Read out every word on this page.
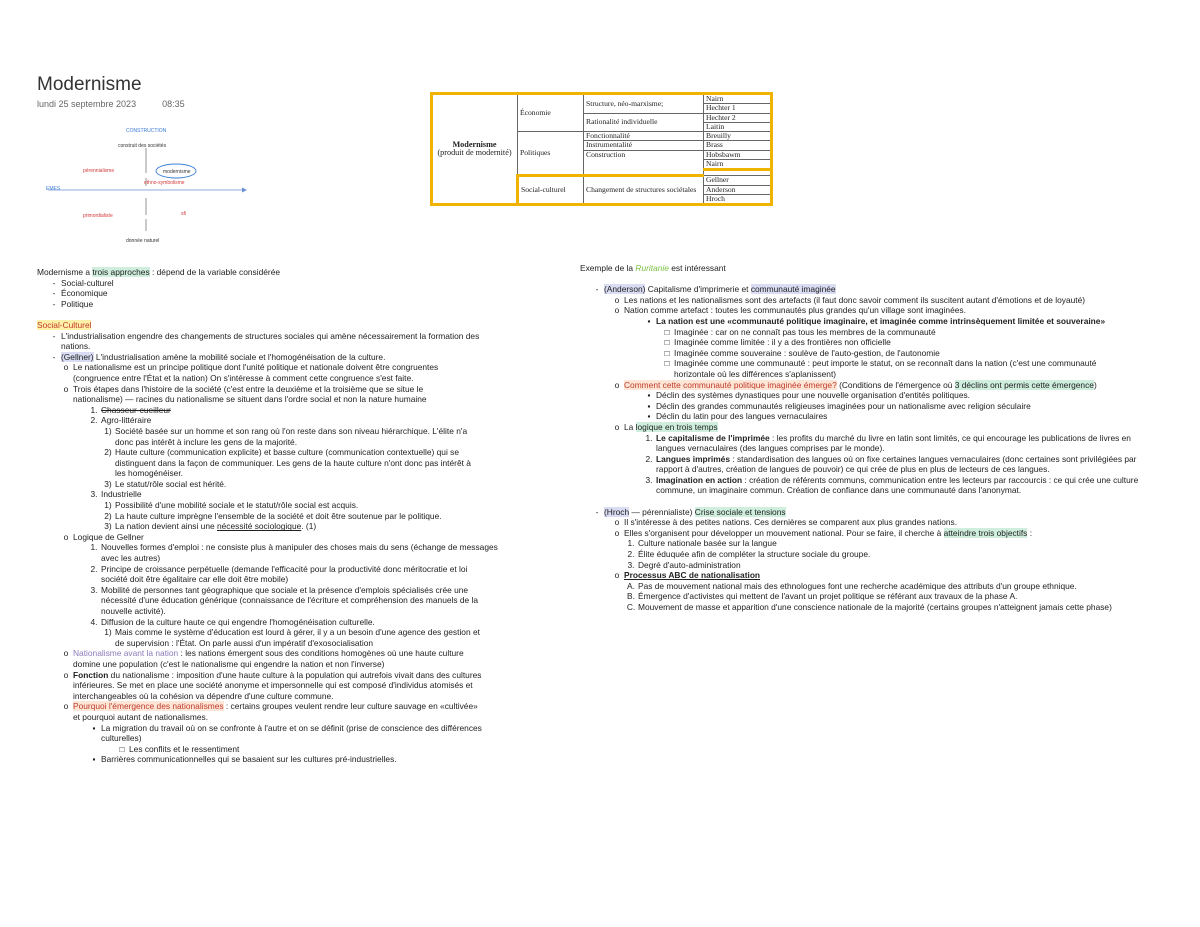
Modernisme
lundi 25 septembre 2023	08:35
CONSTRUCTION
construit des sociétés
pérennialisme	modernisme
ethno-symbolisme
EMES
primordialiste	sfi
donnée naturel
Modernisme
(produit de modernité)	Économie	Structure, néo-marxisme;	Nairn
			Hechter 1
		Rationalité individuelle	Hechter 2
			Laitin
	Politiques	Fonctionnalité	Breuilly
		Instrumentalité	Brass
		Construction	Hobsbawm
			Nairn

	Social-culturel	Changement de structures sociétales	Gellner
			Anderson
			Hroch
Modernisme a trois approches : dépend de la variable considérée
- Social-culturel
- Économique
- Politique
Social-Culturel
- L'industrialisation engendre des changements de structures sociales qui amène nécessairement la formation des
nations.
- (Gellner) L'industrialisation amène la mobilité sociale et l'homogénéisation de la culture.
o Le nationalisme est un principe politique dont l'unité politique et nationale doivent être congruentes
(congruence entre l'État et la nation) On s'intéresse à comment cette congruence s'est faite.
o Trois étapes dans l'histoire de la société (c'est entre la deuxième et la troisième que se situe le
nationalisme) — racines du nationalisme se situent dans l'ordre social et non la nature humaine
1. Chasseur-cueilleur
2. Agro-littéraire
1) Société basée sur un homme et son rang où l'on reste dans son niveau hiérarchique. L'élite n'a
donc pas intérêt à inclure les gens de la majorité.
2) Haute culture (communication explicite) et basse culture (communication contextuelle) qui se
distinguent dans la façon de communiquer. Les gens de la haute culture n'ont donc pas intérêt à
les homogénéiser.
3) Le statut/rôle social est hérité.
3. Industrielle
1) Possibilité d'une mobilité sociale et le statut/rôle social est acquis.
2) La haute culture imprègne l'ensemble de la société et doit être soutenue par le politique.
3) La nation devient ainsi une nécessité sociologique. (1)
o Logique de Gellner
1. Nouvelles formes d'emploi : ne consiste plus à manipuler des choses mais du sens (échange de messages
avec les autres)
2. Principe de croissance perpétuelle (demande l'efficacité pour la productivité donc méritocratie et loi
société doit être égalitaire car elle doit être mobile)
3. Mobilité de personnes tant géographique que sociale et la présence d'emplois spécialisés crée une
nécessité d'une éducation générique (connaissance de l'écriture et compréhension des manuels de la
nouvelle activité).
4. Diffusion de la culture haute ce qui engendre l'homogénéisation culturelle.
1) Mais comme le système d'éducation est lourd à gérer, il y a un besoin d'une agence des gestion et
de supervision : l'État. On parle aussi d'un impératif d'exosocialisation
o Nationalisme avant la nation : les nations émergent sous des conditions homogènes où une haute culture
domine une population (c'est le nationalisme qui engendre la nation et non l'inverse)
o Fonction du nationalisme : imposition d'une haute culture à la population qui autrefois vivait dans des cultures
inférieures. Se met en place une société anonyme et impersonnelle qui est composé d'individus atomisés et
interchangeables où la cohésion va dépendre d'une culture commune.
o Pourquoi l'émergence des nationalismes : certains groupes veulent rendre leur culture sauvage en «cultivée»
et pourquoi autant de nationalismes.
▪ La migration du travail où on se confronte à l'autre et on se définit (prise de conscience des différences
culturelles)
□ Les conflits et le ressentiment
▪ Barrières communicationnelles qui se basaient sur les cultures pré-industrielles.
Exemple de la Ruritanie est intéressant
- (Anderson) Capitalisme d'imprimerie et communauté imaginée
o Les nations et les nationalismes sont des artefacts (il faut donc savoir comment ils suscitent autant d'émotions et de loyauté)
o Nation comme artefact : toutes les communautés plus grandes qu'un village sont imaginées.
▪ La nation est une «communauté politique imaginaire, et imaginée comme intrinsèquement limitée et souveraine»
□ Imaginée : car on ne connaît pas tous les membres de la communauté
□ Imaginée comme limitée : il y a des frontières non officielle
□ Imaginée comme souveraine : soulève de l'auto-gestion, de l'autonomie
□ Imaginée comme une communauté : peut importe le statut, on se reconnaît dans la nation (c'est une communauté
horizontale où les différences s'aplanissent)
o Comment cette communauté politique imaginée émerge? (Conditions de l'émergence où 3 déclins ont permis cette émergence)
▪ Déclin des systèmes dynastiques pour une nouvelle organisation d'entités politiques.
▪ Déclin des grandes communautés religieuses imaginées pour un nationalisme avec religion séculaire
▪ Déclin du latin pour des langues vernaculaires
o La logique en trois temps
1. Le capitalisme de l'imprimée : les profits du marché du livre en latin sont limités, ce qui encourage les publications de livres en
langues vernaculaires (des langues comprises par le monde).
2. Langues imprimés : standardisation des langues où on fixe certaines langues vernaculaires (donc certaines sont privilégiées par
rapport à d'autres, création de langues de pouvoir) ce qui crée de plus en plus de lecteurs de ces langues.
3. Imagination en action : création de référents communs, communication entre les lecteurs par raccourcis : ce qui crée une culture
commune, un imaginaire commun. Création de confiance dans une communauté dans l'anonymat.
- (Hroch — pérennialiste) Crise sociale et tensions
o Il s'intéresse à des petites nations. Ces dernières se comparent aux plus grandes nations.
o Elles s'organisent pour développer un mouvement national. Pour se faire, il cherche à atteindre trois objectifs :
1. Culture nationale basée sur la langue
2. Élite éduquée afin de compléter la structure sociale du groupe.
3. Degré d'auto-administration
o Processus ABC de nationalisation
A. Pas de mouvement national mais des ethnologues font une recherche académique des attributs d'un groupe ethnique.
B. Émergence d'activistes qui mettent de l'avant un projet politique se référant aux travaux de la phase A.
C. Mouvement de masse et apparition d'une conscience nationale de la majorité (certains groupes n'atteignent jamais cette phase)
